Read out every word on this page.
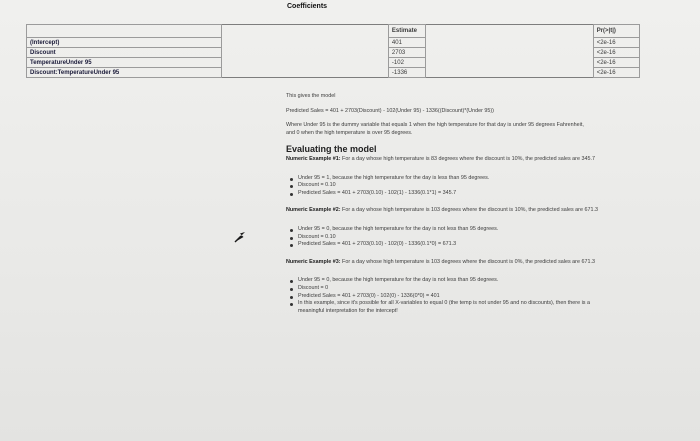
Coefficients
		Estimate		Pr(>|t|)
(Intercept)		401		<2e-16
Discount		2703		<2e-16
TemperatureUnder 95		-102		<2e-16
Discount:TemperatureUnder 95		-1336		<2e-16

This gives the model

Predicted Sales = 401 + 2703(Discount) - 102(Under 95) - 1336((Discount)*(Under 95))

Where Under 95 is the dummy variable that equals 1 when the high temperature for that day is under 95 degrees Fahrenheit, and 0 when the high temperature is over 95 degrees.

Evaluating the model

Numeric Example #1: For a day whose high temperature is 83 degrees where the discount is 10%, the predicted sales are 345.7

Under 95 = 1, because the high temperature for the day is less than 95 degrees.
Discount = 0.10
Predicted Sales = 401 + 2703(0.10) - 102(1) - 1336(0.1*1) = 345.7

Numeric Example #2: For a day whose high temperature is 103 degrees where the discount is 10%, the predicted sales are 671.3

Under 95 = 0, because the high temperature for the day is not less than 95 degrees.
Discount = 0.10
Predicted Sales = 401 + 2703(0.10) - 102(0) - 1336(0.1*0) = 671.3

Numeric Example #3: For a day whose high temperature is 103 degrees where the discount is 0%, the predicted sales are 671.3

Under 95 = 0, because the high temperature for the day is not less than 95 degrees.
Discount = 0
Predicted Sales = 401 + 2703(0) - 102(0) - 1336(0*0) = 401
In this example, since it's possible for all X-variables to equal 0 (the temp is not under 95 and no discounts), then there is a meaningful interpretation for the intercept!
